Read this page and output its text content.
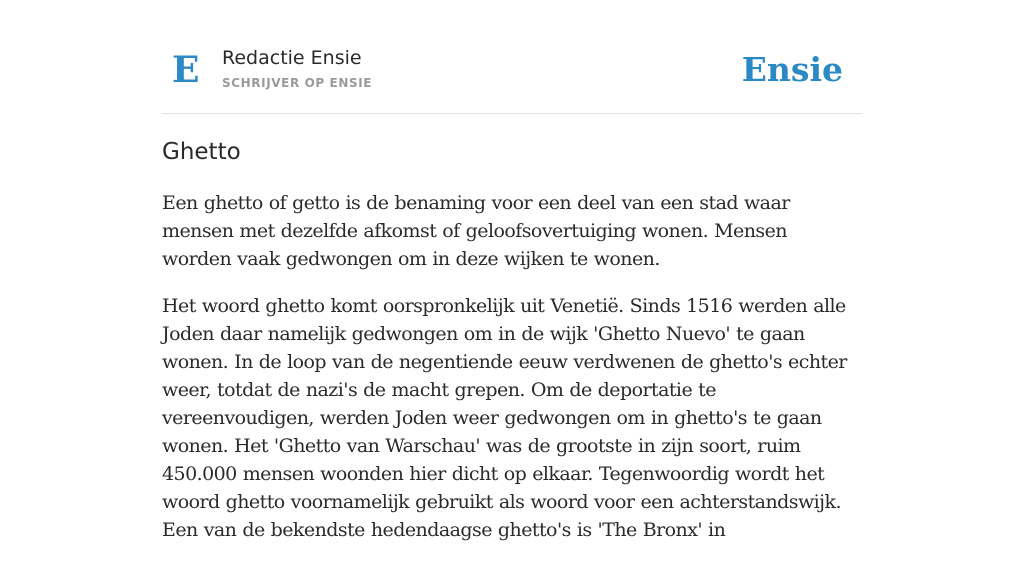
E Redactie Ensie
SCHRIJVER OP ENSIE	Ensie
Ghetto

Een ghetto of getto is de benaming voor een deel van een stad waar mensen met dezelfde afkomst of geloofsovertuiging wonen. Mensen worden vaak gedwongen om in deze wijken te wonen.

Het woord ghetto komt oorspronkelijk uit Venetië. Sinds 1516 werden alle Joden daar namelijk gedwongen om in de wijk 'Ghetto Nuevo' te gaan wonen. In de loop van de negentiende eeuw verdwenen de ghetto's echter weer, totdat de nazi's de macht grepen. Om de deportatie te vereenvoudigen, werden Joden weer gedwongen om in ghetto's te gaan wonen. Het 'Ghetto van Warschau' was de grootste in zijn soort, ruim 450.000 mensen woonden hier dicht op elkaar. Tegenwoordig wordt het woord ghetto voornamelijk gebruikt als woord voor een achterstandswijk. Een van de bekendste hedendaagse ghetto's is 'The Bronx' in
